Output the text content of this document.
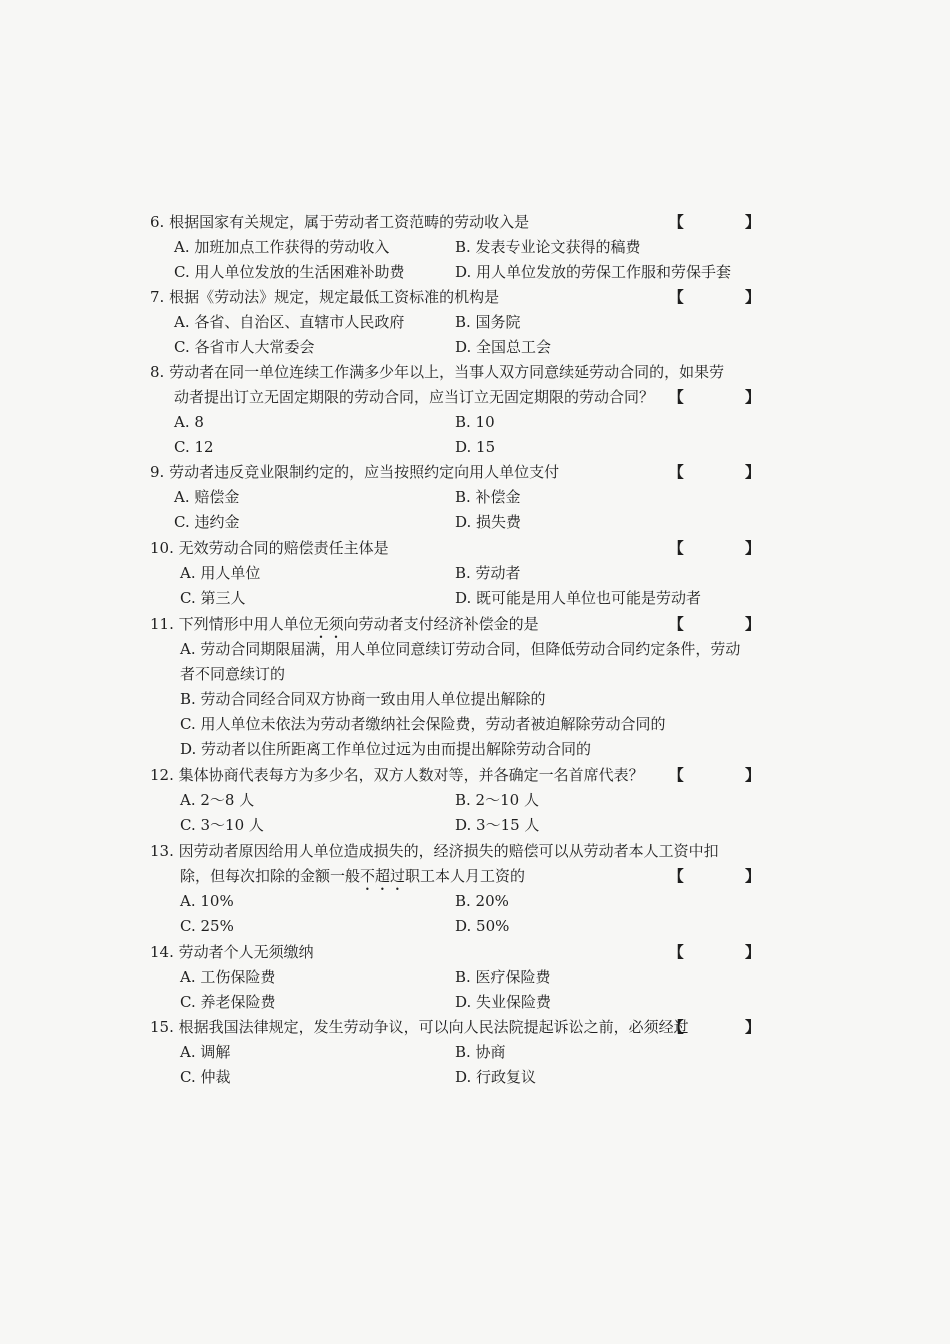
6. 根据国家有关规定，属于劳动者工资范畴的劳动收入是	【 】
A. 加班加点工作获得的劳动收入	B. 发表专业论文获得的稿费
C. 用人单位发放的生活困难补助费	D. 用人单位发放的劳保工作服和劳保手套
7. 根据《劳动法》规定，规定最低工资标准的机构是	【 】
A. 各省、自治区、直辖市人民政府	B. 国务院
C. 各省市人大常委会	D. 全国总工会
8. 劳动者在同一单位连续工作满多少年以上，当事人双方同意续延劳动合同的，如果劳
动者提出订立无固定期限的劳动合同，应当订立无固定期限的劳动合同？ 【 】
A. 8	B. 10
C. 12	D. 15
9. 劳动者违反竞业限制约定的，应当按照约定向用人单位支付	【 】
A. 赔偿金	B. 补偿金
C. 违约金	D. 损失费
10. 无效劳动合同的赔偿责任主体是	【 】
A. 用人单位	B. 劳动者
C. 第三人	D. 既可能是用人单位也可能是劳动者
11. 下列情形中用人单位无须向劳动者支付经济补偿金的是	【 】
A. 劳动合同期限届满，用人单位同意续订劳动合同，但降低劳动合同约定条件，劳动
者不同意续订的
B. 劳动合同经合同双方协商一致由用人单位提出解除的
C. 用人单位未依法为劳动者缴纳社会保险费，劳动者被迫解除劳动合同的
D. 劳动者以住所距离工作单位过远为由而提出解除劳动合同的
12. 集体协商代表每方为多少名，双方人数对等，并各确定一名首席代表？ 【 】
A. 2～8 人	B. 2～10 人
C. 3～10 人	D. 3～15 人
13. 因劳动者原因给用人单位造成损失的，经济损失的赔偿可以从劳动者本人工资中扣
除，但每次扣除的金额一般不超过职工本人月工资的	【 】
A. 10%	B. 20%
C. 25%	D. 50%
14. 劳动者个人无须缴纳	【 】
A. 工伤保险费	B. 医疗保险费
C. 养老保险费	D. 失业保险费
15. 根据我国法律规定，发生劳动争议，可以向人民法院提起诉讼之前，必须经过
【 】
A. 调解	B. 协商
C. 仲裁	D. 行政复议
